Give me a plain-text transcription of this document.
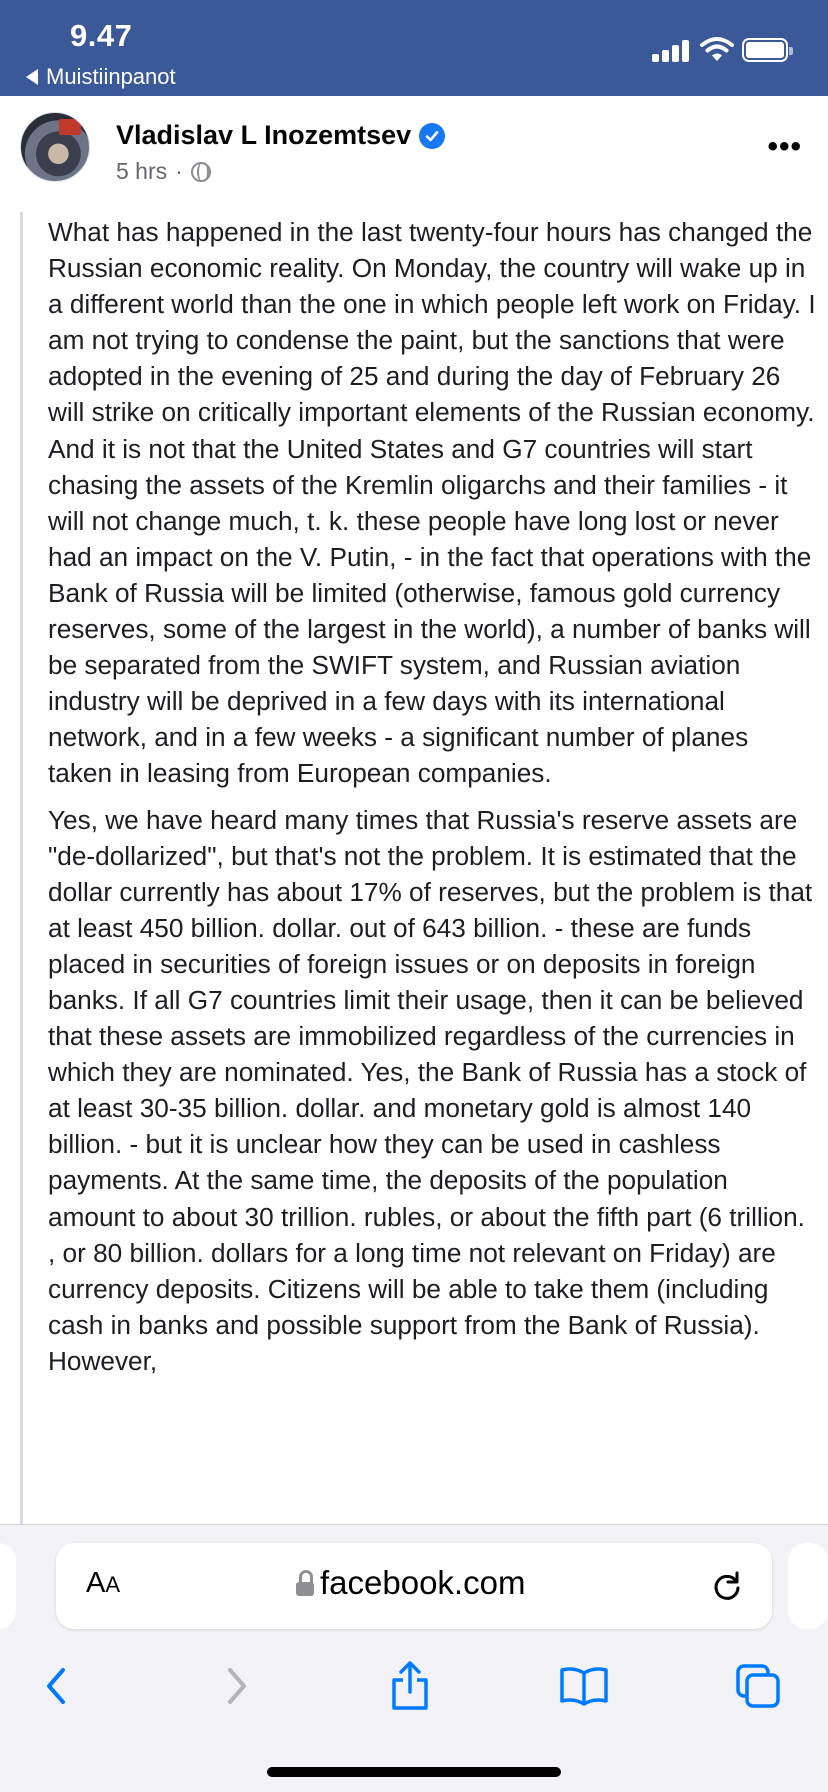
9.47
Muistiinpanot
Vladislav L Inozemtsev
5 hrs ·
•••

What has happened in the last twenty-four hours has changed the Russian economic reality. On Monday, the country will wake up in a different world than the one in which people left work on Friday. I am not trying to condense the paint, but the sanctions that were adopted in the evening of 25 and during the day of February 26 will strike on critically important elements of the Russian economy. And it is not that the United States and G7 countries will start chasing the assets of the Kremlin oligarchs and their families - it will not change much, t. k. these people have long lost or never had an impact on the V. Putin, - in the fact that operations with the Bank of Russia will be limited (otherwise, famous gold currency reserves, some of the largest in the world), a number of banks will be separated from the SWIFT system, and Russian aviation industry will be deprived in a few days with its international network, and in a few weeks - a significant number of planes taken in leasing from European companies.

Yes, we have heard many times that Russia's reserve assets are "de-dollarized", but that's not the problem. It is estimated that the dollar currently has about 17% of reserves, but the problem is that at least 450 billion. dollar. out of 643 billion. - these are funds placed in securities of foreign issues or on deposits in foreign banks. If all G7 countries limit their usage, then it can be believed that these assets are immobilized regardless of the currencies in which they are nominated. Yes, the Bank of Russia has a stock of at least 30-35 billion. dollar. and monetary gold is almost 140 billion. - but it is unclear how they can be used in cashless payments. At the same time, the deposits of the population amount to about 30 trillion. rubles, or about the fifth part (6 trillion. , or 80 billion. dollars for a long time not relevant on Friday) are currency deposits. Citizens will be able to take them (including cash in banks and possible support from the Bank of Russia). However,

AA	facebook.com
